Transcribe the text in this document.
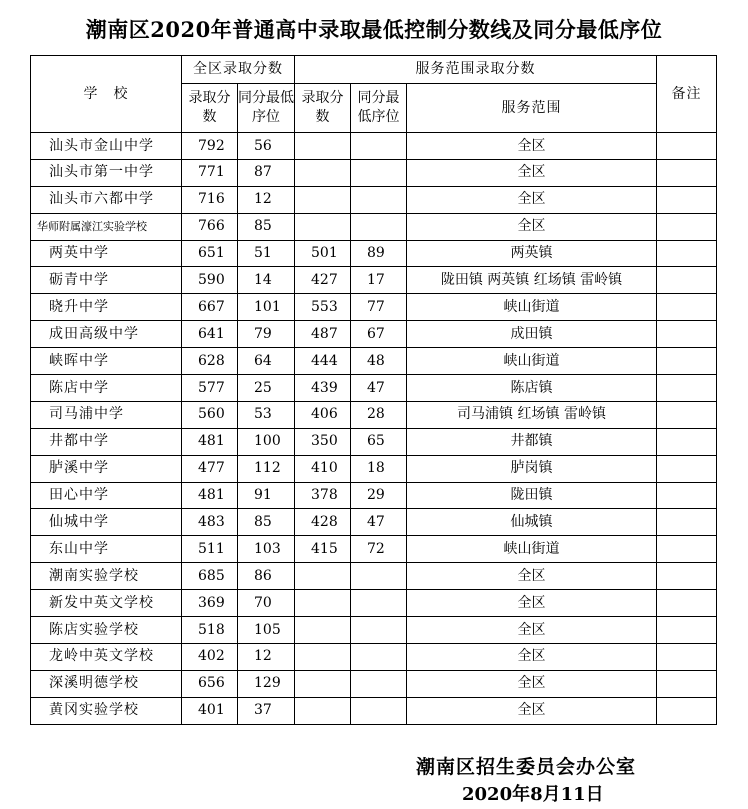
潮南区2020年普通高中录取最低控制分数线及同分最低序位
学　校	全区录取分数		服务范围录取分数			备注
	录取分数	同分最低序位	录取分数	同分最低序位	服务范围	
汕头市金山中学	792	56			全区	
汕头市第一中学	771	87			全区	
汕头市六都中学	716	12			全区	
华师附属濠江实验学校	766	85			全区	
两英中学	651	51	501	89	两英镇	
砺青中学	590	14	427	17	陇田镇 两英镇 红场镇 雷岭镇	
晓升中学	667	101	553	77	峡山街道	
成田高级中学	641	79	487	67	成田镇	
峡晖中学	628	64	444	48	峡山街道	
陈店中学	577	25	439	47	陈店镇	
司马浦中学	560	53	406	28	司马浦镇 红场镇 雷岭镇	
井都中学	481	100	350	65	井都镇	
胪溪中学	477	112	410	18	胪岗镇	
田心中学	481	91	378	29	陇田镇	
仙城中学	483	85	428	47	仙城镇	
东山中学	511	103	415	72	峡山街道	
潮南实验学校	685	86			全区	
新发中英文学校	369	70			全区	
陈店实验学校	518	105			全区	
龙岭中英文学校	402	12			全区	
深溪明德学校	656	129			全区	
黄冈实验学校	401	37			全区	
潮南区招生委员会办公室
2020年8月11日
